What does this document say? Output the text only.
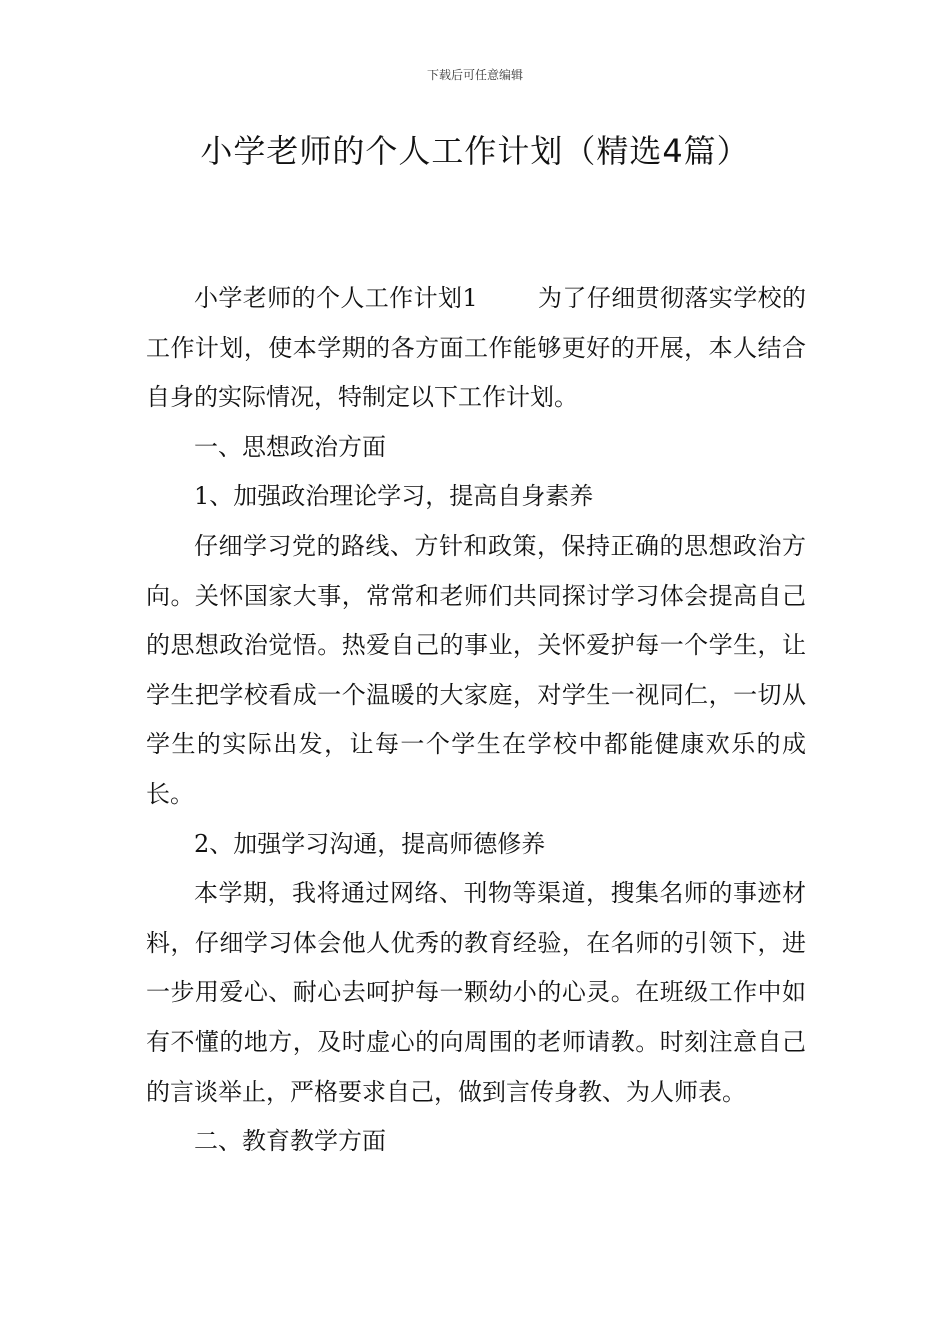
下载后可任意编辑
小学老师的个人工作计划（精选4篇）

小学老师的个人工作计划1	为了仔细贯彻落实学校的工作计划，使本学期的各方面工作能够更好的开展，本人结合自身的实际情况，特制定以下工作计划。

一、思想政治方面

1、加强政治理论学习，提高自身素养

仔细学习党的路线、方针和政策，保持正确的思想政治方向。关怀国家大事，常常和老师们共同探讨学习体会提高自己的思想政治觉悟。热爱自己的事业，关怀爱护每一个学生，让学生把学校看成一个温暖的大家庭，对学生一视同仁，一切从学生的实际出发，让每一个学生在学校中都能健康欢乐的成长。

2、加强学习沟通，提高师德修养

本学期，我将通过网络、刊物等渠道，搜集名师的事迹材料，仔细学习体会他人优秀的教育经验，在名师的引领下，进一步用爱心、耐心去呵护每一颗幼小的心灵。在班级工作中如有不懂的地方，及时虚心的向周围的老师请教。时刻注意自己的言谈举止，严格要求自己，做到言传身教、为人师表。

二、教育教学方面
